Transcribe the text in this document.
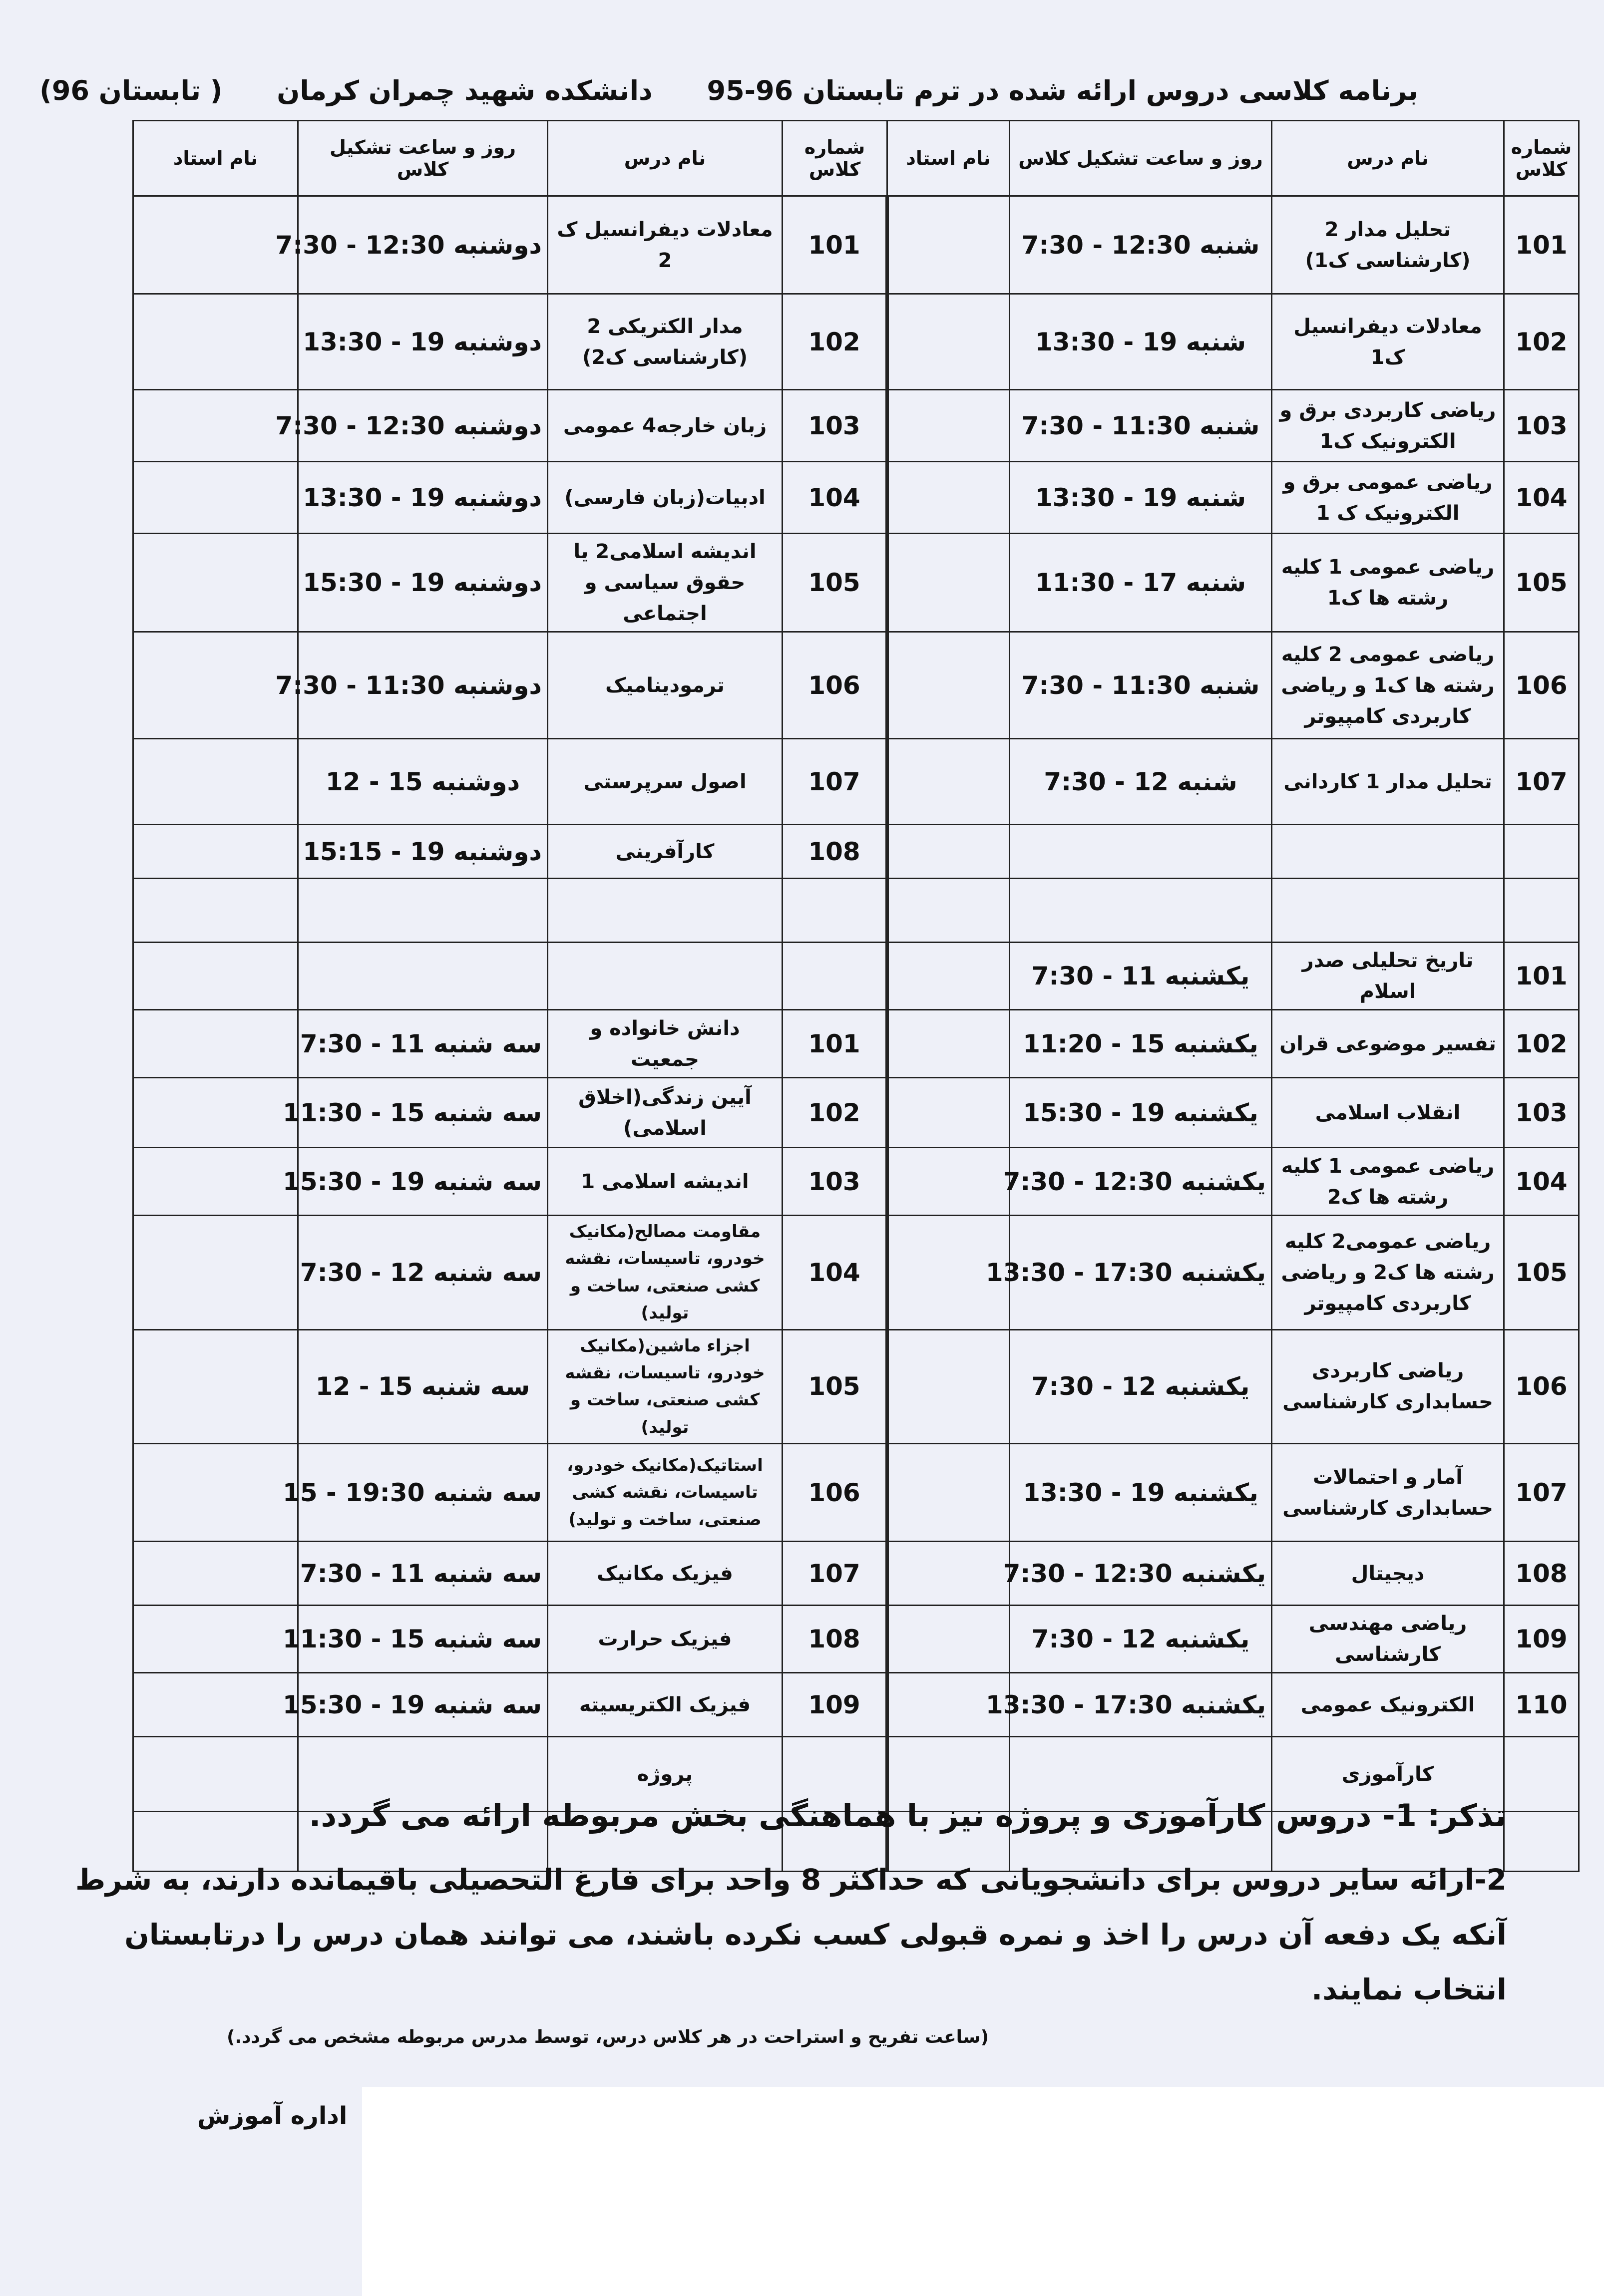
برنامه کلاسی دروس ارائه شده در ترم تابستان 96-95 دانشکده شهید چمران کرمان ( تابستان 96)
شماره کلاس	نام درس	روز و ساعت تشکیل کلاس	نام استاد	شماره کلاس	نام درس	روز و ساعت تشکیل کلاس	نام استاد
101	تحلیل مدار 2 (کارشناسی ک1)	شنبه 12:30 - 7:30		101	معادلات دیفرانسیل ک 2	دوشنبه 12:30 - 7:30	
102	معادلات دیفرانسیل ک1	شنبه 19 - 13:30		102	مدار الکتریکی 2 (کارشناسی ک2)	دوشنبه 19 - 13:30	
103	ریاضی کاربردی برق و الکترونیک ک1	شنبه 11:30 - 7:30		103	زبان خارجه4 عمومی	دوشنبه 12:30 - 7:30	
104	ریاضی عمومی برق و الکترونیک ک 1	شنبه 19 - 13:30		104	ادبیات(زبان فارسی)	دوشنبه 19 - 13:30	
105	ریاضی عمومی 1 کلیه رشته ها ک1	شنبه 17 - 11:30		105	اندیشه اسلامی2 یا حقوق سیاسی و اجتماعی	دوشنبه 19 - 15:30	
106	ریاضی عمومی 2 کلیه رشته ها ک1 و ریاضی کاربردی کامپیوتر	شنبه 11:30 - 7:30		106	ترمودینامیک	دوشنبه 11:30 - 7:30	
107	تحلیل مدار 1 کاردانی	شنبه 12 - 7:30		107	اصول سرپرستی	دوشنبه 15 - 12	
				108	کارآفرینی	دوشنبه 19 - 15:15	

101	تاریخ تحلیلی صدر اسلام	یکشنبه 11 - 7:30					
102	تفسیر موضوعی قران	یکشنبه 15 - 11:20		101	دانش خانواده و جمعیت	سه شنبه 11 - 7:30	
103	انقلاب اسلامی	یکشنبه 19 - 15:30		102	آیین زندگی(اخلاق اسلامی)	سه شنبه 15 - 11:30	
104	ریاضی عمومی 1 کلیه رشته ها ک2	یکشنبه 12:30 - 7:30		103	اندیشه اسلامی 1	سه شنبه 19 - 15:30	
105	ریاضی عمومی2 کلیه رشته ها ک2 و ریاضی کاربردی کامپیوتر	یکشنبه 17:30 - 13:30		104	مقاومت مصالح(مکانیک خودرو، تاسیسات، نقشه کشی صنعتی، ساخت و تولید)	سه شنبه 12 - 7:30	
106	ریاضی کاربردی حسابداری کارشناسی	یکشنبه 12 - 7:30		105	اجزاء ماشین(مکانیک خودرو، تاسیسات، نقشه کشی صنعتی، ساخت و تولید)	سه شنبه 15 - 12	
107	آمار و احتمالات حسابداری کارشناسی	یکشنبه 19 - 13:30		106	استاتیک(مکانیک خودرو، تاسیسات، نقشه کشی صنعتی، ساخت و تولید)	سه شنبه 19:30 - 15	
108	دیجیتال	یکشنبه 12:30 - 7:30		107	فیزیک مکانیک	سه شنبه 11 - 7:30	
109	ریاضی مهندسی کارشناسی	یکشنبه 12 - 7:30		108	فیزیک حرارت	سه شنبه 15 - 11:30	
110	الکترونیک عمومی	یکشنبه 17:30 - 13:30		109	فیزیک الکتریسیته	سه شنبه 19 - 15:30	
	کارآموزی				پروژه		

تذکر: 1- دروس کارآموزی و پروژه نیز با هماهنگی بخش مربوطه ارائه می گردد.
2-ارائه سایر دروس برای دانشجویانی که حداکثر 8 واحد برای فارغ التحصیلی باقیمانده دارند، به شرط آنکه یک دفعه آن درس را اخذ و نمره قبولی کسب نکرده باشند، می توانند همان درس را درتابستان انتخاب نمایند.
(ساعت تفریح و استراحت در هر کلاس درس، توسط مدرس مربوطه مشخص می گردد.)
اداره آموزش
